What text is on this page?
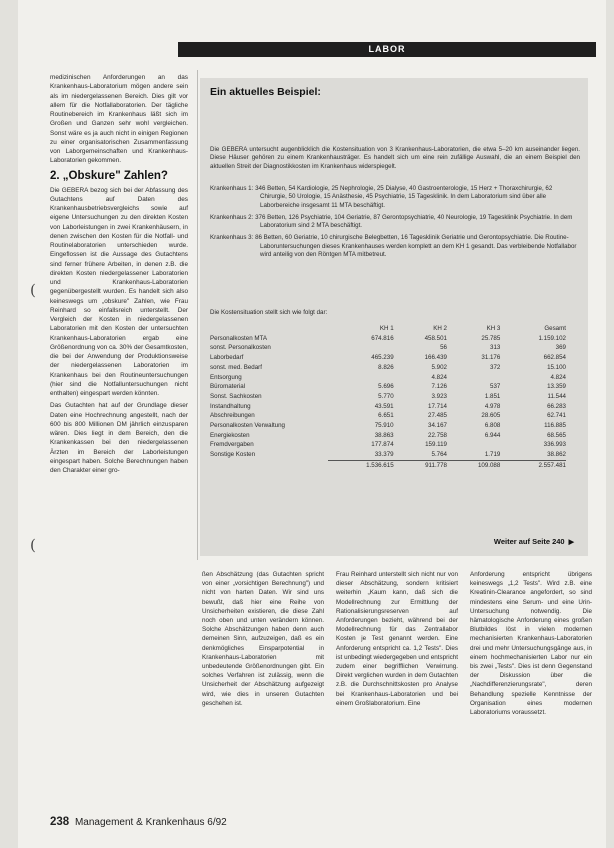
LABOR
(
(

medizinischen Anforderungen an das Krankenhaus-Laboratorium mögen andere sein als im niedergelassenen Bereich. Dies gilt vor allem für die Notfallaboratorien. Der tägliche Routinebereich im Krankenhaus läßt sich im Großen und Ganzen sehr wohl vergleichen. Sonst wäre es ja auch nicht in einigen Regionen zu einer organisatorischen Zusammenfassung von Laborgemeinschaften und Krankenhaus-Laboratorien gekommen.

2. „Obskure" Zahlen?

Die GEBERA bezog sich bei der Abfassung des Gutachtens auf Daten des Krankenhausbetriebsvergleichs sowie auf eigene Untersuchungen zu den direkten Kosten von Laborleistungen in zwei Krankenhäusern, in denen zwischen den Kosten für die Notfall- und Routinelaboratorien unterschieden wurde. Eingeflossen ist die Aussage des Gutachtens sind ferner frühere Arbeiten, in denen z.B. die direkten Kosten niedergelassener Laboratorien und Krankenhaus-Laboratorien gegenübergestellt wurden. Es handelt sich also keineswegs um „obskure" Zahlen, wie Frau Reinhard so einfallsreich unterstellt. Der Vergleich der Kosten in niedergelassenen Laboratorien mit den Kosten der untersuchten Krankenhaus-Laboratorien ergab eine Größenordnung von ca. 30% der Gesamtkosten, die bei der Anwendung der Produktionsweise der niedergelassenen Laboratorien im Krankenhaus bei den Routineuntersuchungen (hier sind die Notfalluntersuchungen nicht enthalten) eingespart werden könnten.

Das Gutachten hat auf der Grundlage dieser Daten eine Hochrechnung angestellt, nach der 600 bis 800 Millionen DM jährlich einzusparen wären. Dies liegt in dem Bereich, den die Krankenkassen bei den niedergelassenen Ärzten im Bereich der Laborleistungen eingespart haben. Solche Berechnungen haben den Charakter einer gro-

Ein aktuelles Beispiel:
Die GEBERA untersucht augenblicklich die Kostensituation von 3 Krankenhaus-Laboratorien, die etwa 5–20 km auseinander liegen. Diese Häuser gehören zu einem Krankenhausträger. Es handelt sich um eine rein zufällige Auswahl, die an einem Beispiel den aktuellen Streit der Diagnostikkosten im Krankenhaus widerspiegelt.
Krankenhaus 1: 346 Betten, 54 Kardiologie, 25 Nephrologie, 25 Dialyse, 40 Gastroenterologie, 15 Herz + Thoraxchirurgie, 62 Chirurgie, 50 Urologie, 15 Anästhesie, 45 Psychiatrie, 15 Tagesklinik. In dem Laboratorium sind über alle Laborbereiche insgesamt 11 MTA beschäftigt.
Krankenhaus 2: 376 Betten, 126 Psychiatrie, 104 Geriatrie, 87 Gerontopsychiatrie, 40 Neurologie, 19 Tagesklinik Psychiatrie. In dem Laboratorium sind 2 MTA beschäftigt.
Krankenhaus 3: 86 Betten, 60 Geriatrie, 10 chirurgische Belegbetten, 16 Tagesklinik Geriatrie und Gerontopsychiatrie. Die Routine-Laboruntersuchungen dieses Krankenhauses werden komplett an dem KH 1 gesandt. Das verbleibende Notfallabor wird anteilig von den Röntgen MTA mitbetreut.
Die Kostensituation stellt sich wie folgt dar:
	KH 1	KH 2	KH 3	Gesamt
Personalkosten MTA	674.816	458.501	25.785	1.159.102
sonst. Personalkosten		56	313	369
Laborbedarf	465.239	166.439	31.176	662.854
sonst. med. Bedarf	8.826	5.902	372	15.100
Entsorgung		4.824		4.824
Büromaterial	5.696	7.126	537	13.359
Sonst. Sachkosten	5.770	3.923	1.851	11.544
Instandhaltung	43.591	17.714	4.978	66.283
Abschreibungen	6.651	27.485	28.605	62.741
Personalkosten Verwaltung	75.910	34.167	6.808	116.885
Energiekosten	38.863	22.758	6.944	68.565
Fremdvergaben	177.874	159.119		336.993
Sonstige Kosten	33.379	5.764	1.719	38.862
	1.536.615	911.778	109.088	2.557.481
Weiter auf Seite 240 ▶
ßen Abschätzung (das Gutachten spricht von einer „vorsichtigen Berechnung") und nicht von harten Daten. Wir sind uns bewußt, daß hier eine Reihe von Unsicherheiten existieren, die diese Zahl noch oben und unten verändern können. Solche Abschätzungen haben denn auch demeinen Sinn, aufzuzeigen, daß es ein denkmögliches Einsparpotential in Krankenhaus-Laboratorien mit unbedeutende Größenordnungen gibt. Ein solches Verfahren ist zulässig, wenn die Unsicherheit der Abschätzung aufgezeigt wird, wie dies in unseren Gutachten geschehen ist.
Frau Reinhard unterstellt sich nicht nur von dieser Abschätzung, sondern kritisiert weiterhin „Kaum kann, daß sich die Modellrechnung zur Ermittlung der Rationalisierungsreserven auf Anforderungen bezieht, während bei der Modellrechnung für das Zentrallabor Kosten je Test genannt werden. Eine Anforderung entspricht ca. 1,2 Tests". Dies ist unbedingt wiedergegeben und entspricht zudem einer begrifflichen Verwirrung. Direkt verglichen wurden in dem Gutachten z.B. die Durchschnittskosten pro Analyse bei Krankenhaus-Laboratorien und bei einem Großlaboratorium. Eine
Anforderung entspricht übrigens keineswegs „1,2 Tests". Wird z.B. eine Kreatinin-Clearance angefordert, so sind mindestens eine Serum- und eine Urin-Untersuchung notwendig. Die hämatologische Anforderung eines großen Blutbildes löst in vielen modernen mechanisierten Krankenhaus-Laboratorien drei und mehr Untersuchungsgänge aus, in einem hochmechanisierten Labor nur ein bis zwei „Tests". Dies ist denn Gegenstand der Diskussion über die „Nachdifferenzierungsrate", deren Behandlung spezielle Kenntnisse der Organisation eines modernen Laboratoriums voraussetzt.
238 Management & Krankenhaus 6/92
